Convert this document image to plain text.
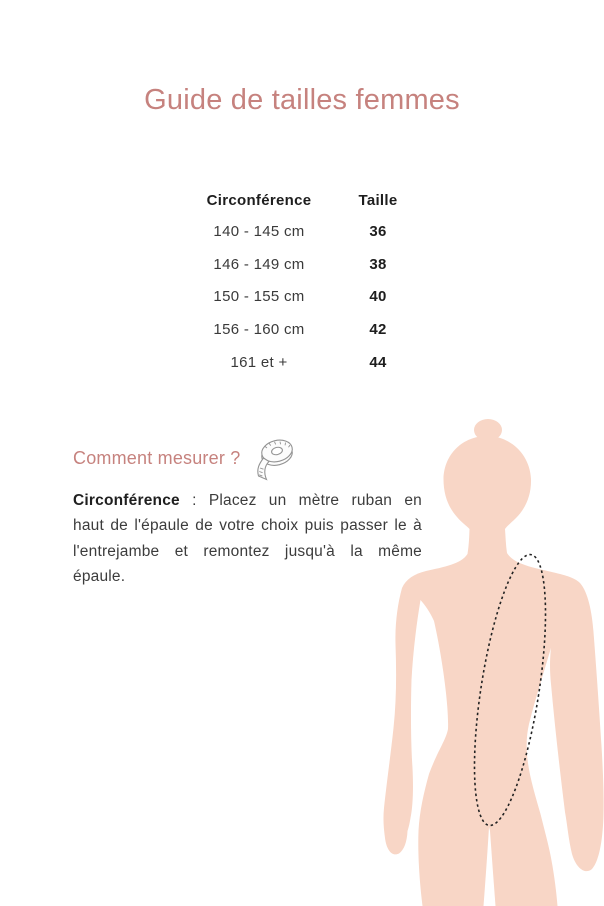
Guide de tailles femmes
Circonférence	Taille
140 - 145 cm	36
146 - 149 cm	38
150 - 155 cm	40
156 - 160 cm	42
161 et +	44
Comment mesurer ?
Circonférence : Placez un mètre ruban en
haut de l'épaule de votre choix puis passer le à
l'entrejambe et remontez jusqu'à la même
épaule.
